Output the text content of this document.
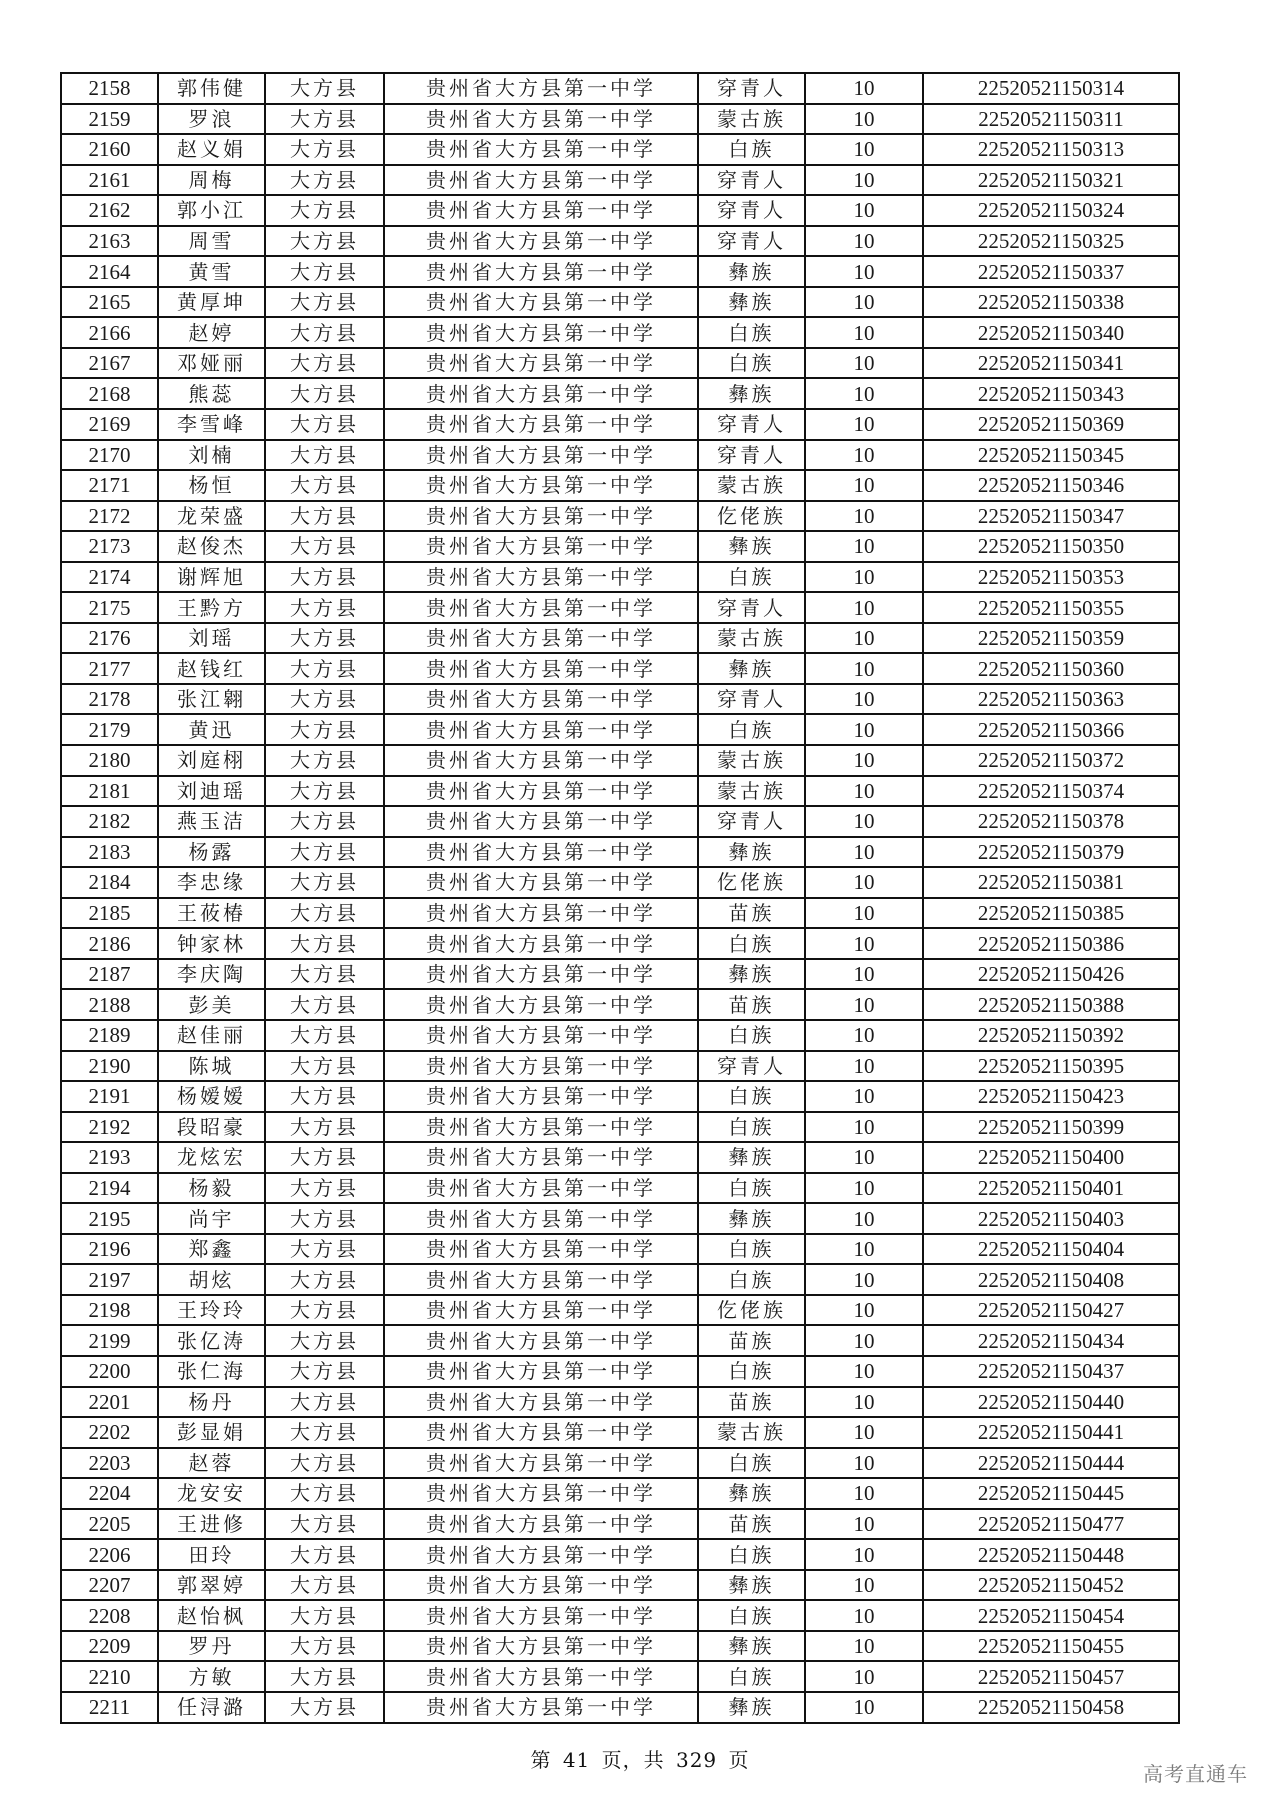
2158	郭伟健	大方县	贵州省大方县第一中学	穿青人	10	22520521150314
2159	罗浪	大方县	贵州省大方县第一中学	蒙古族	10	22520521150311
2160	赵义娟	大方县	贵州省大方县第一中学	白族	10	22520521150313
2161	周梅	大方县	贵州省大方县第一中学	穿青人	10	22520521150321
2162	郭小江	大方县	贵州省大方县第一中学	穿青人	10	22520521150324
2163	周雪	大方县	贵州省大方县第一中学	穿青人	10	22520521150325
2164	黄雪	大方县	贵州省大方县第一中学	彝族	10	22520521150337
2165	黄厚坤	大方县	贵州省大方县第一中学	彝族	10	22520521150338
2166	赵婷	大方县	贵州省大方县第一中学	白族	10	22520521150340
2167	邓娅丽	大方县	贵州省大方县第一中学	白族	10	22520521150341
2168	熊蕊	大方县	贵州省大方县第一中学	彝族	10	22520521150343
2169	李雪峰	大方县	贵州省大方县第一中学	穿青人	10	22520521150369
2170	刘楠	大方县	贵州省大方县第一中学	穿青人	10	22520521150345
2171	杨恒	大方县	贵州省大方县第一中学	蒙古族	10	22520521150346
2172	龙荣盛	大方县	贵州省大方县第一中学	仡佬族	10	22520521150347
2173	赵俊杰	大方县	贵州省大方县第一中学	彝族	10	22520521150350
2174	谢辉旭	大方县	贵州省大方县第一中学	白族	10	22520521150353
2175	王黔方	大方县	贵州省大方县第一中学	穿青人	10	22520521150355
2176	刘瑶	大方县	贵州省大方县第一中学	蒙古族	10	22520521150359
2177	赵钱红	大方县	贵州省大方县第一中学	彝族	10	22520521150360
2178	张江翱	大方县	贵州省大方县第一中学	穿青人	10	22520521150363
2179	黄迅	大方县	贵州省大方县第一中学	白族	10	22520521150366
2180	刘庭栩	大方县	贵州省大方县第一中学	蒙古族	10	22520521150372
2181	刘迪瑶	大方县	贵州省大方县第一中学	蒙古族	10	22520521150374
2182	燕玉洁	大方县	贵州省大方县第一中学	穿青人	10	22520521150378
2183	杨露	大方县	贵州省大方县第一中学	彝族	10	22520521150379
2184	李忠缘	大方县	贵州省大方县第一中学	仡佬族	10	22520521150381
2185	王莜椿	大方县	贵州省大方县第一中学	苗族	10	22520521150385
2186	钟家林	大方县	贵州省大方县第一中学	白族	10	22520521150386
2187	李庆陶	大方县	贵州省大方县第一中学	彝族	10	22520521150426
2188	彭美	大方县	贵州省大方县第一中学	苗族	10	22520521150388
2189	赵佳丽	大方县	贵州省大方县第一中学	白族	10	22520521150392
2190	陈城	大方县	贵州省大方县第一中学	穿青人	10	22520521150395
2191	杨嫒嫒	大方县	贵州省大方县第一中学	白族	10	22520521150423
2192	段昭豪	大方县	贵州省大方县第一中学	白族	10	22520521150399
2193	龙炫宏	大方县	贵州省大方县第一中学	彝族	10	22520521150400
2194	杨毅	大方县	贵州省大方县第一中学	白族	10	22520521150401
2195	尚宇	大方县	贵州省大方县第一中学	彝族	10	22520521150403
2196	郑鑫	大方县	贵州省大方县第一中学	白族	10	22520521150404
2197	胡炫	大方县	贵州省大方县第一中学	白族	10	22520521150408
2198	王玲玲	大方县	贵州省大方县第一中学	仡佬族	10	22520521150427
2199	张亿涛	大方县	贵州省大方县第一中学	苗族	10	22520521150434
2200	张仁海	大方县	贵州省大方县第一中学	白族	10	22520521150437
2201	杨丹	大方县	贵州省大方县第一中学	苗族	10	22520521150440
2202	彭显娟	大方县	贵州省大方县第一中学	蒙古族	10	22520521150441
2203	赵蓉	大方县	贵州省大方县第一中学	白族	10	22520521150444
2204	龙安安	大方县	贵州省大方县第一中学	彝族	10	22520521150445
2205	王进修	大方县	贵州省大方县第一中学	苗族	10	22520521150477
2206	田玲	大方县	贵州省大方县第一中学	白族	10	22520521150448
2207	郭翠婷	大方县	贵州省大方县第一中学	彝族	10	22520521150452
2208	赵怡枫	大方县	贵州省大方县第一中学	白族	10	22520521150454
2209	罗丹	大方县	贵州省大方县第一中学	彝族	10	22520521150455
2210	方敏	大方县	贵州省大方县第一中学	白族	10	22520521150457
2211	任浔潞	大方县	贵州省大方县第一中学	彝族	10	22520521150458
第 41 页，共 329 页
高考直通车
